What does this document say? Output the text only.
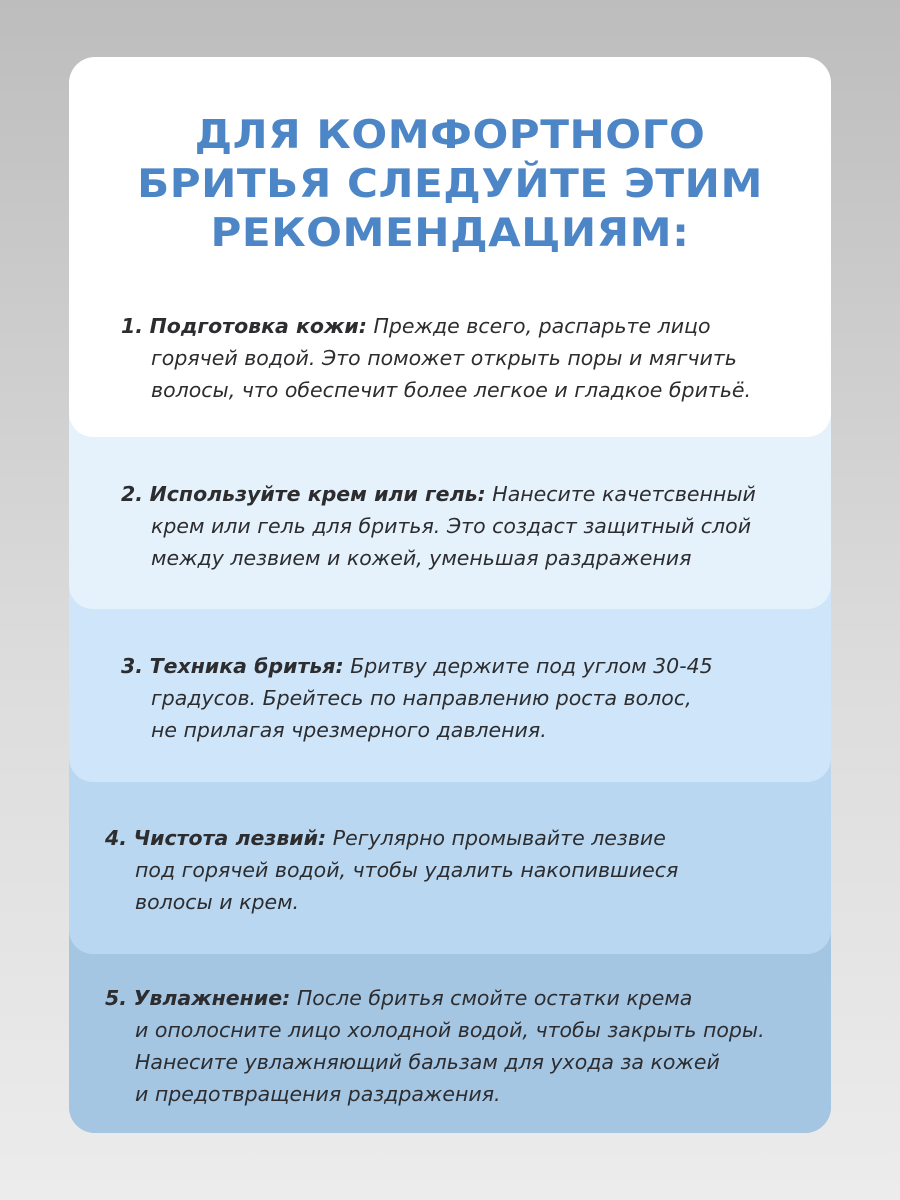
ДЛЯ КОМФОРТНОГО
БРИТЬЯ СЛЕДУЙТЕ ЭТИМ
РЕКОМЕНДАЦИЯМ:

1. Подготовка кожи: Прежде всего, распарьте лицо
горячей водой. Это поможет открыть поры и мягчить
волосы, что обеспечит более легкое и гладкое бритьё.

2. Используйте крем или гель: Нанесите качетсвенный
крем или гель для бритья. Это создаст защитный слой
между лезвием и кожей, уменьшая раздражения

3. Техника бритья: Бритву держите под углом 30-45
градусов. Брейтесь по направлению роста волос,
не прилагая чрезмерного давления.

4. Чистота лезвий: Регулярно промывайте лезвие
под горячей водой, чтобы удалить накопившиеся
волосы и крем.

5. Увлажнение: После бритья смойте остатки крема
и ополосните лицо холодной водой, чтобы закрыть поры.
Нанесите увлажняющий бальзам для ухода за кожей
и предотвращения раздражения.
